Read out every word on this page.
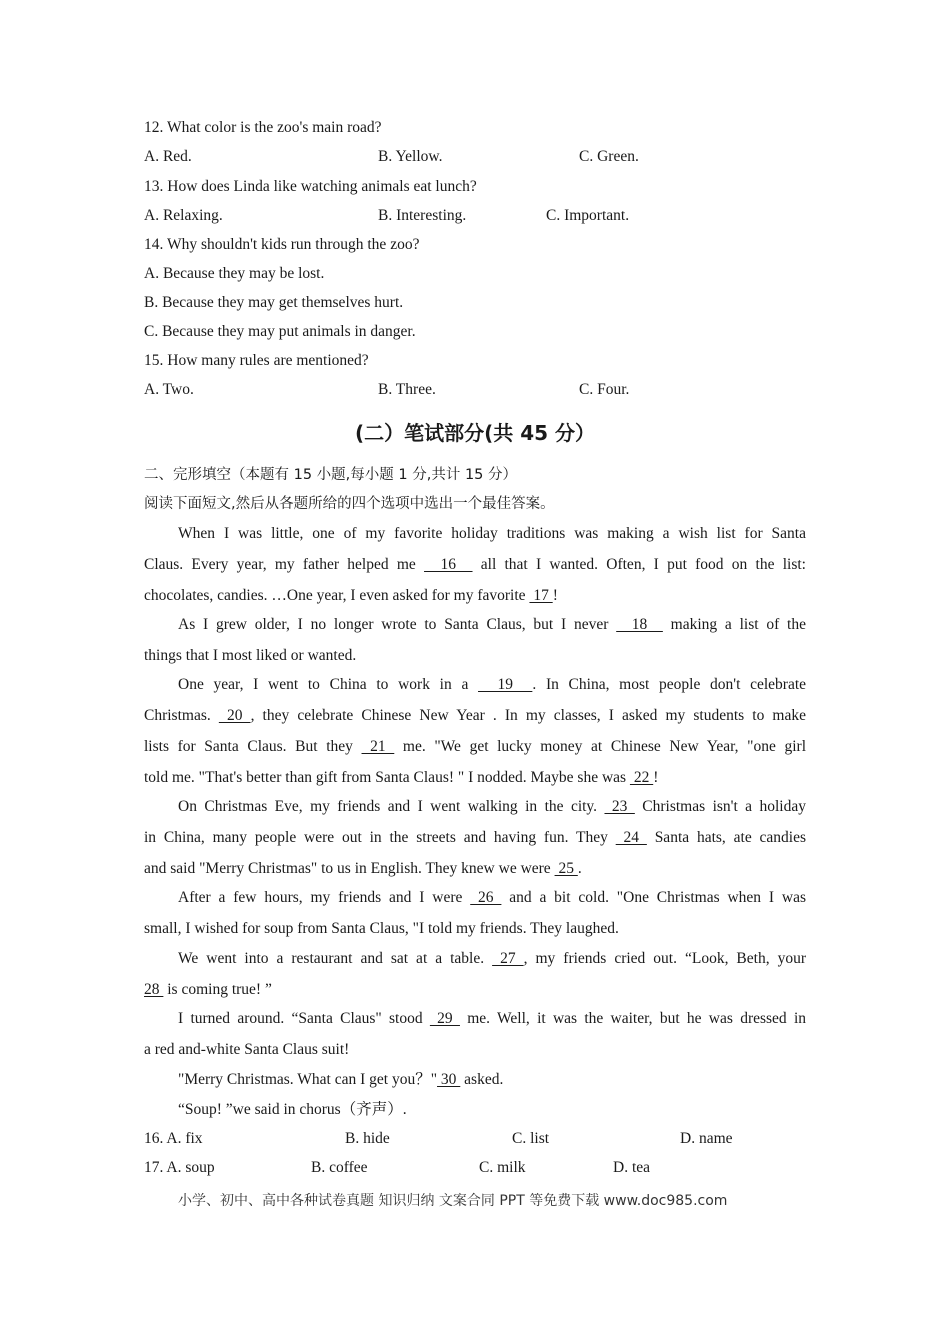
12. What color is the zoo's main road?
A. Red.	B. Yellow.	C. Green.
13. How does Linda like watching animals eat lunch?
A. Relaxing.	B. Interesting.	C. Important.
14. Why shouldn't kids run through the zoo?
A. Because they may be lost.
B. Because they may get themselves hurt.
C. Because they may put animals in danger.
15. How many rules are mentioned?
A. Two.	B. Three.	C. Four.
(二）笔试部分(共 45 分）
二、完形填空（本题有 15 小题,每小题 1 分,共计 15 分）
阅读下面短文,然后从各题所给的四个选项中选出一个最佳答案。
When I was little, one of my favorite holiday traditions was making a wish list for Santa
Claus. Every year, my father helped me   16   all that I wanted. Often, I put food on the list:
chocolates, candies. …One year, I even asked for my favorite  17 !
As I grew older, I no longer wrote to Santa Claus, but I never   18   making a list of the
things that I most liked or wanted.
One year, I went to China to work in a   19  . In China, most people don't celebrate
Christmas.  20 , they celebrate Chinese New Year . In my classes, I asked my students to make
lists for Santa Claus. But they  21  me. "We get lucky money at Chinese New Year, "one girl
told me. "That's better than gift from Santa Claus! " I nodded. Maybe she was  22 !
On Christmas Eve, my friends and I went walking in the city.  23  Christmas isn't a holiday
in China, many people were out in the streets and having fun. They  24  Santa hats, ate candies
and said "Merry Christmas" to us in English. They knew we were  25 .
After a few hours, my friends and I were  26  and a bit cold. "One Christmas when I was
small, I wished for soup from Santa Claus, "I told my friends. They laughed.
We went into a restaurant and sat at a table.  27 , my friends cried out. “Look, Beth, your
28  is coming true! ”
I turned around. “Santa Claus" stood  29  me. Well, it was the waiter, but he was dressed in
a red and-white Santa Claus suit!
"Merry Christmas. What can I get you？" 30  asked.
“Soup! ”we said in chorus（齐声）.
16. A. fix	B. hide	C. list	D. name
17. A. soup	B. coffee	C. milk	D. tea
小学、初中、高中各种试卷真题 知识归纳 文案合同 PPT 等免费下载 www.doc985.com
